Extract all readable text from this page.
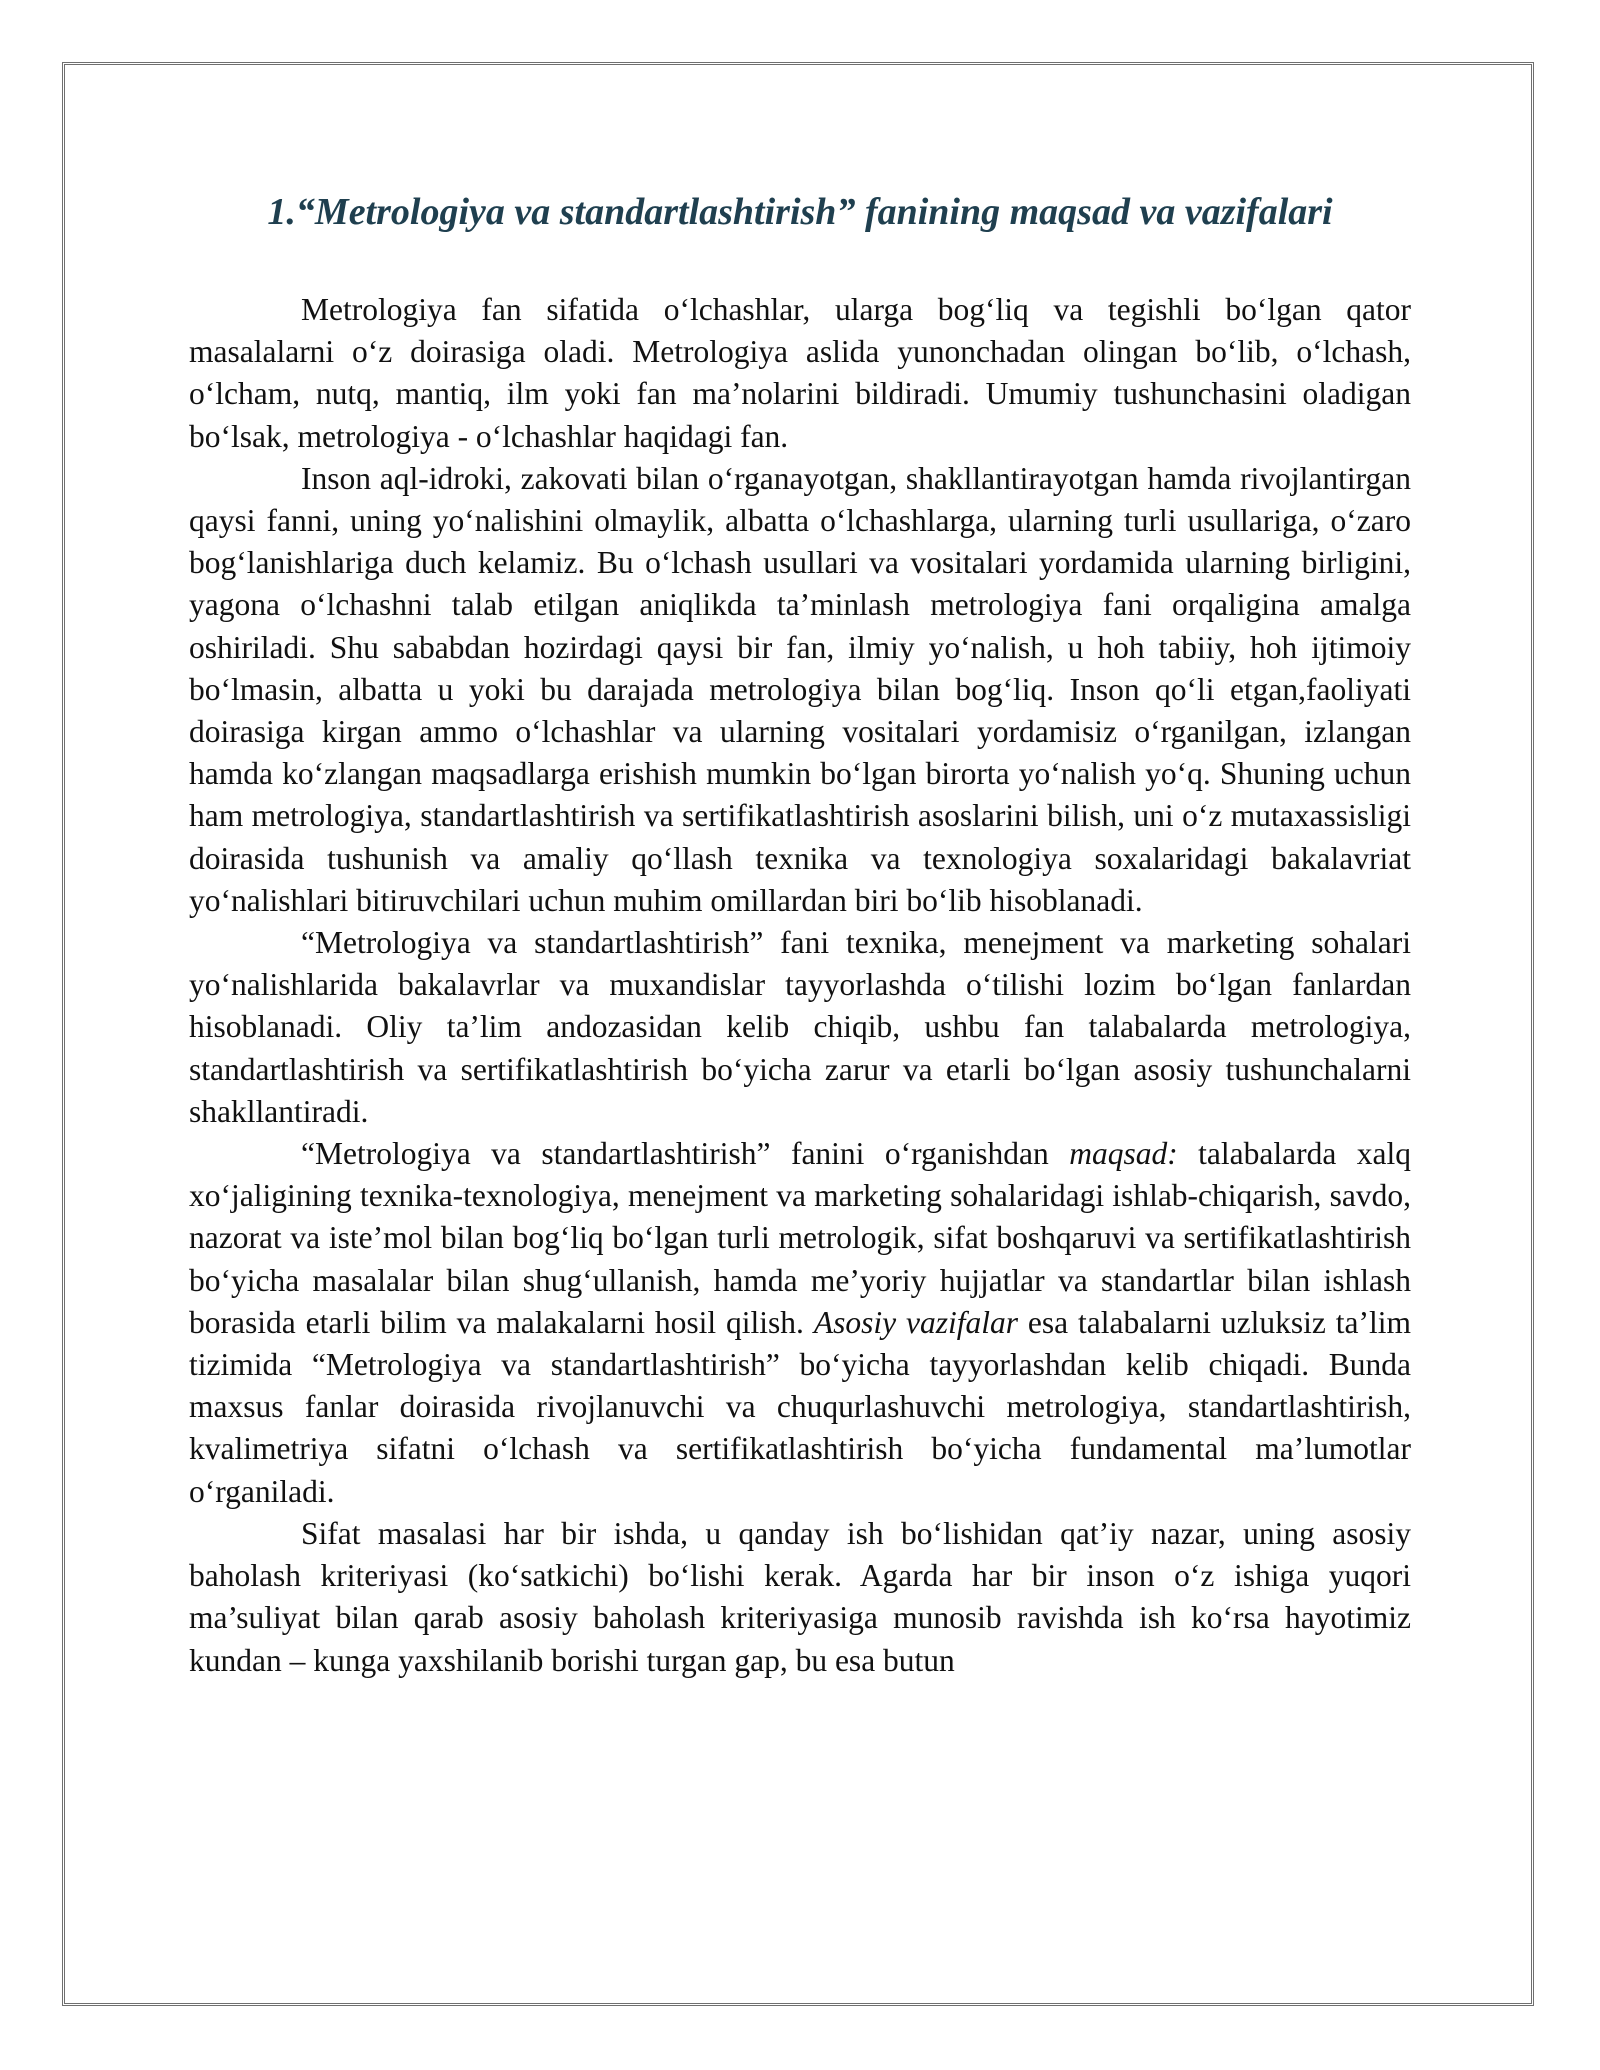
1.“Metrologiya va standartlashtirish” fanining maqsad va vazifalari

Metrologiya fan sifatida o‘lchashlar, ularga bog‘liq va tegishli bo‘lgan qator masalalarni o‘z doirasiga oladi. Metrologiya aslida yunonchadan olingan bo‘lib, o‘lchash, o‘lcham, nutq, mantiq, ilm yoki fan ma’nolarini bildiradi. Umumiy tushunchasini oladigan bo‘lsak, metrologiya - o‘lchashlar haqidagi fan.

Inson aql-idroki, zakovati bilan o‘rganayotgan, shakllantirayotgan hamda rivojlantirgan qaysi fanni, uning yo‘nalishini olmaylik, albatta o‘lchashlarga, ularning turli usullariga, o‘zaro bog‘lanishlariga duch kelamiz. Bu o‘lchash usullari va vositalari yordamida ularning birligini, yagona o‘lchashni talab etilgan aniqlikda ta’minlash metrologiya fani orqaligina amalga oshiriladi. Shu sababdan hozirdagi qaysi bir fan, ilmiy yo‘nalish, u hoh tabiiy, hoh ijtimoiy bo‘lmasin, albatta u yoki bu darajada metrologiya bilan bog‘liq. Inson qo‘li etgan,faoliyati doirasiga kirgan ammo o‘lchashlar va ularning vositalari yordamisiz o‘rganilgan, izlangan hamda ko‘zlangan maqsadlarga erishish mumkin bo‘lgan birorta yo‘nalish yo‘q. Shuning uchun ham metrologiya, standartlashtirish va sertifikatlashtirish asoslarini bilish, uni o‘z mutaxassisligi doirasida tushunish va amaliy qo‘llash texnika va texnologiya soxalaridagi bakalavriat yo‘nalishlari bitiruvchilari uchun muhim omillardan biri bo‘lib hisoblanadi.

“Metrologiya va standartlashtirish” fani texnika, menejment va marketing sohalari yo‘nalishlarida bakalavrlar va muxandislar tayyorlashda o‘tilishi lozim bo‘lgan fanlardan hisoblanadi. Oliy ta’lim andozasidan kelib chiqib, ushbu fan talabalarda metrologiya, standartlashtirish va sertifikatlashtirish bo‘yicha zarur va etarli bo‘lgan asosiy tushunchalarni shakllantiradi.

“Metrologiya va standartlashtirish” fanini o‘rganishdan maqsad: talabalarda xalq xo‘jaligining texnika-texnologiya, menejment va marketing sohalaridagi ishlab-chiqarish, savdo, nazorat va iste’mol bilan bog‘liq bo‘lgan turli metrologik, sifat boshqaruvi va sertifikatlashtirish bo‘yicha masalalar bilan shug‘ullanish, hamda me’yoriy hujjatlar va standartlar bilan ishlash borasida etarli bilim va malakalarni hosil qilish. Asosiy vazifalar esa talabalarni uzluksiz ta’lim tizimida “Metrologiya va standartlashtirish” bo‘yicha tayyorlashdan kelib chiqadi. Bunda maxsus fanlar doirasida rivojlanuvchi va chuqurlashuvchi metrologiya, standartlashtirish, kvalimetriya sifatni o‘lchash va sertifikatlashtirish bo‘yicha fundamental ma’lumotlar o‘rganiladi.

Sifat masalasi har bir ishda, u qanday ish bo‘lishidan qat’iy nazar, uning asosiy baholash kriteriyasi (ko‘satkichi) bo‘lishi kerak. Agarda har bir inson o‘z ishiga yuqori ma’suliyat bilan qarab asosiy baholash kriteriyasiga munosib ravishda ish ko‘rsa hayotimiz kundan – kunga yaxshilanib borishi turgan gap, bu esa butun
